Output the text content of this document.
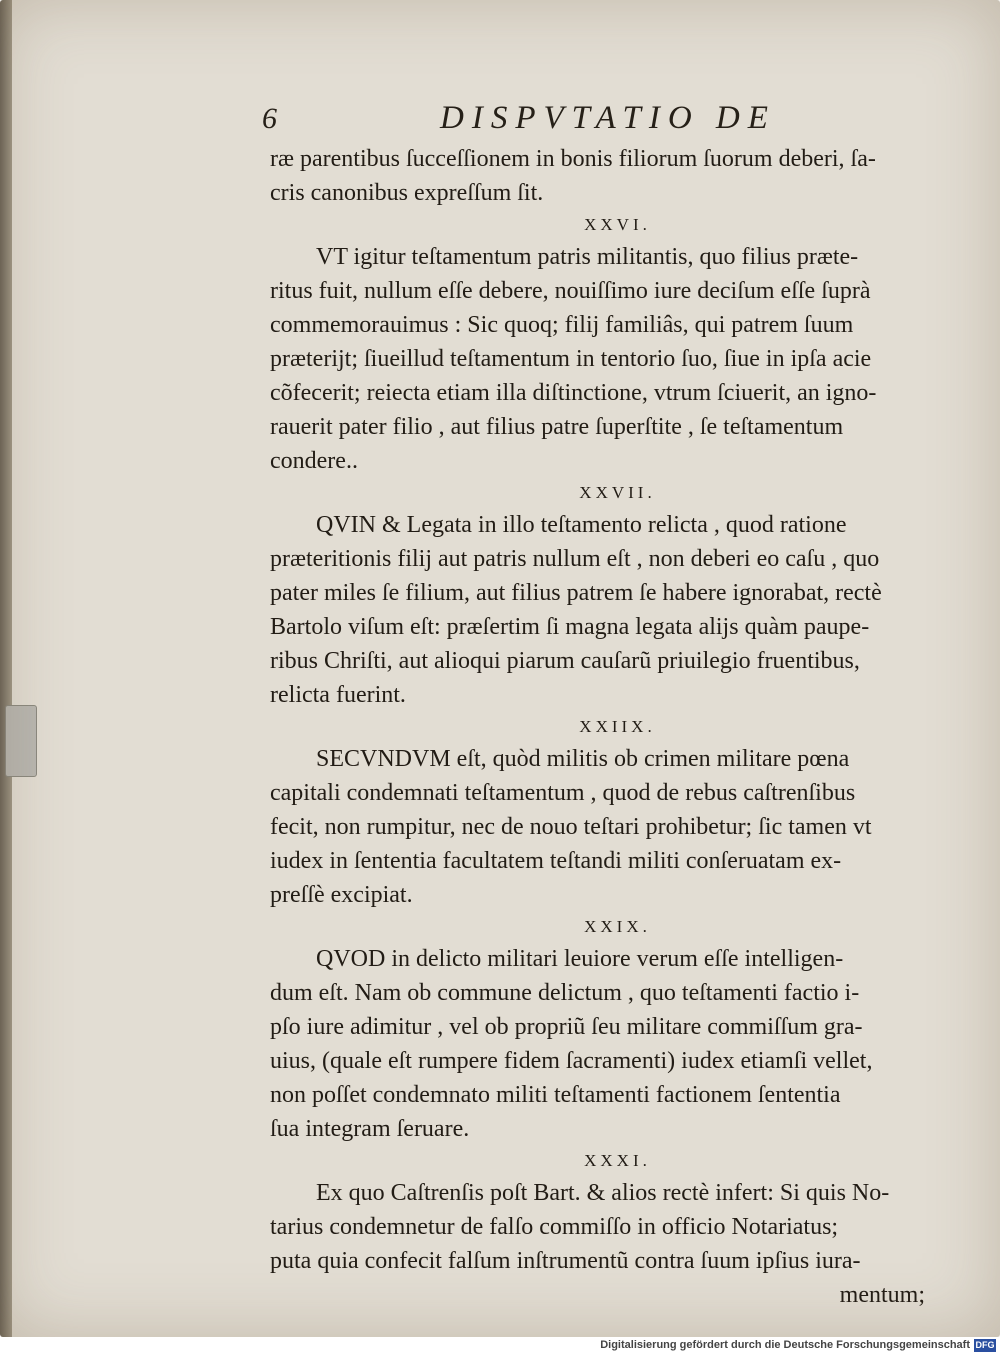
6	DISPVTATIO DE
ræ parentibus ſucceſſionem in bonis filiorum ſuorum deberi, ſa-
cris canonibus expreſſum ſit.
XXVI.
VT igitur teſtamentum patris militantis, quo filius præte-
ritus fuit, nullum eſſe debere, nouiſſimo iure deciſum eſſe ſuprà
commemorauimus : Sic quoq; filij familiâs, qui patrem ſuum
præterijt; ſiueillud teſtamentum in tentorio ſuo, ſiue in ipſa acie
cõfecerit; reiecta etiam illa diſtinctione, vtrum ſciuerit, an igno-
rauerit pater filio , aut filius patre ſuperſtite , ſe teſtamentum
condere..
XXVII.
QVIN & Legata in illo teſtamento relicta , quod ratione
præteritionis filij aut patris nullum eſt , non deberi eo caſu , quo
pater miles ſe filium, aut filius patrem ſe habere ignorabat, rectè
Bartolo viſum eſt: præſertim ſi magna legata alijs quàm paupe-
ribus Chriſti, aut alioqui piarum cauſarũ priuilegio fruentibus,
relicta fuerint.
XXIIX.
SECVNDVM eſt, quòd militis ob crimen militare pœna
capitali condemnati teſtamentum , quod de rebus caſtrenſibus
fecit, non rumpitur, nec de nouo teſtari prohibetur; ſic tamen vt
iudex in ſententia facultatem teſtandi militi conſeruatam ex-
preſſè excipiat.
XXIX.
QVOD in delicto militari leuiore verum eſſe intelligen-
dum eſt. Nam ob commune delictum , quo teſtamenti factio i-
pſo iure adimitur , vel ob propriũ ſeu militare commiſſum gra-
uius, (quale eſt rumpere fidem ſacramenti) iudex etiamſi vellet,
non poſſet condemnato militi teſtamenti factionem ſententia
ſua integram ſeruare.
XXXI.
Ex quo Caſtrenſis poſt Bart. & alios rectè infert: Si quis No-
tarius condemnetur de falſo commiſſo in officio Notariatus;
puta quia confecit falſum inſtrumentũ contra ſuum ipſius iura-
mentum;
Digitalisierung gefördert durch die Deutsche Forschungsgemeinschaft DFG
